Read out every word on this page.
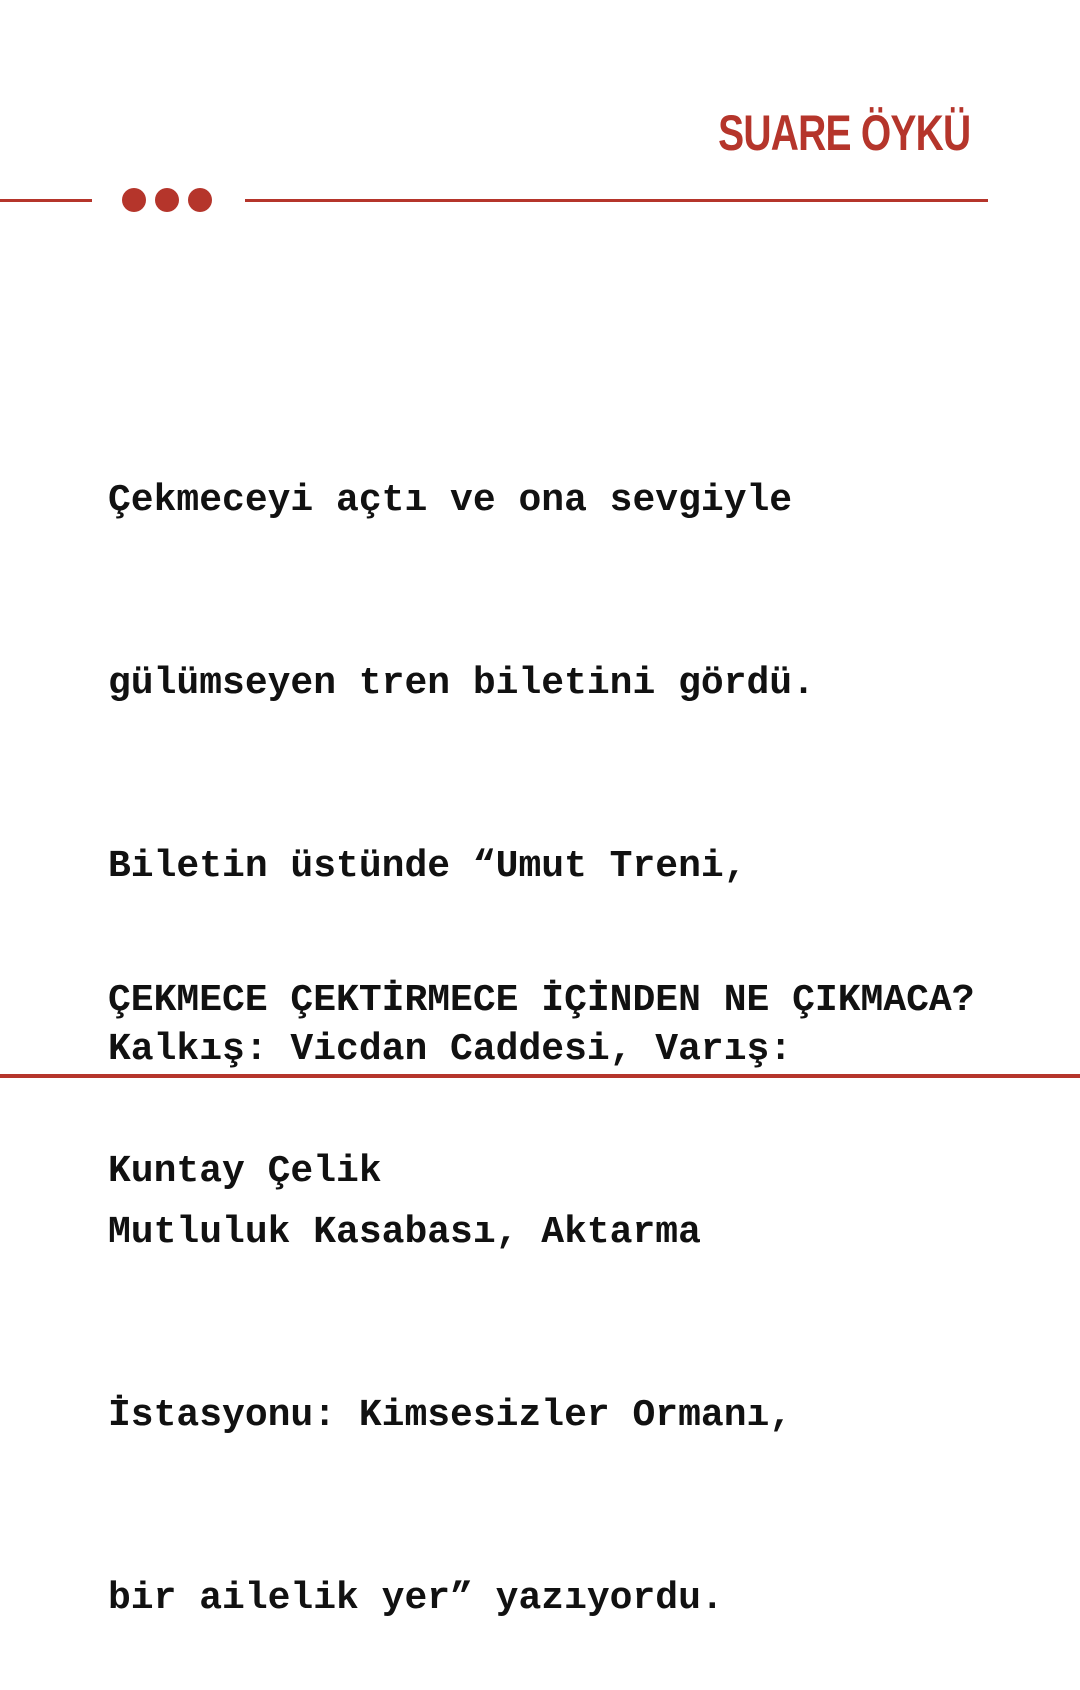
SUARE ÖYKÜ

Çekmeceyi açtı ve ona sevgiyle

gülümseyen tren biletini gördü.

Biletin üstünde “Umut Treni,

Kalkış: Vicdan Caddesi, Varış:

Mutluluk Kasabası, Aktarma

İstasyonu: Kimsesizler Ormanı,

bir ailelik yer” yazıyordu.

ÇEKMECE ÇEKTİRMECE İÇİNDEN NE ÇIKMACA?

Kuntay Çelik
